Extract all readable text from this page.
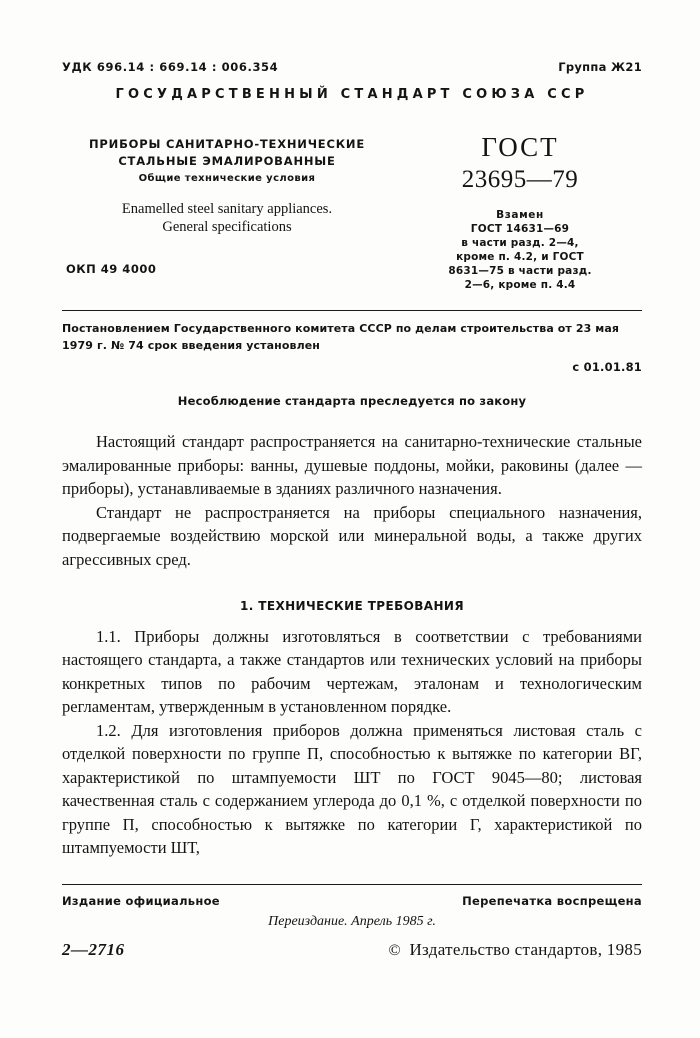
УДК 696.14 : 669.14 : 006.354	Группа Ж21
ГОСУДАРСТВЕННЫЙ СТАНДАРТ СОЮЗА ССР
ПРИБОРЫ САНИТАРНО-ТЕХНИЧЕСКИЕ
СТАЛЬНЫЕ ЭМАЛИРОВАННЫЕ
Общие технические условия
Enamelled steel sanitary appliances.
General specifications
ОКП 49 4000
ГОСТ
23695—79
Взамен
ГОСТ 14631—69
в части разд. 2—4,
кроме п. 4.2, и ГОСТ
8631—75 в части разд.
2—6, кроме п. 4.4
Постановлением Государственного комитета СССР по делам строительства от 23 мая 1979 г. № 74 срок введения установлен
с 01.01.81
Несоблюдение стандарта преследуется по закону

Настоящий стандарт распространяется на санитарно-технические стальные эмалированные приборы: ванны, душевые поддоны, мойки, раковины (далее — приборы), устанавливаемые в зданиях различного назначения.

Стандарт не распространяется на приборы специального назначения, подвергаемые воздействию морской или минеральной воды, а также других агрессивных сред.

1. ТЕХНИЧЕСКИЕ ТРЕБОВАНИЯ

1.1. Приборы должны изготовляться в соответствии с требованиями настоящего стандарта, а также стандартов или технических условий на приборы конкретных типов по рабочим чертежам, эталонам и технологическим регламентам, утвержденным в установленном порядке.

1.2. Для изготовления приборов должна применяться листовая сталь с отделкой поверхности по группе П, способностью к вытяжке по категории ВГ, характеристикой по штампуемости ШТ по ГОСТ 9045—80; листовая качественная сталь с содержанием углерода до 0,1 %, с отделкой поверхности по группе П, способностью к вытяжке по категории Г, характеристикой по штампуемости ШТ,

Издание официальное	Перепечатка воспрещена
Переиздание. Апрель 1985 г.
2—2716	© Издательство стандартов, 1985
